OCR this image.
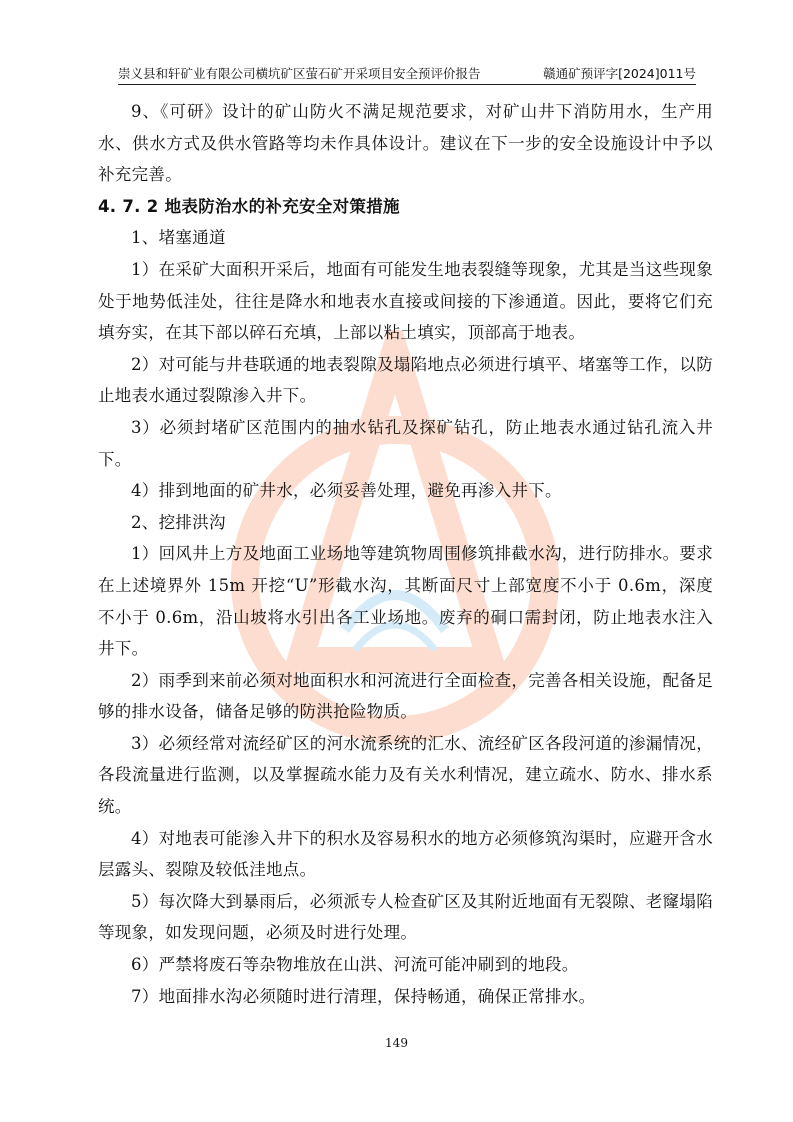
崇义县和轩矿业有限公司横坑矿区萤石矿开采项目安全预评价报告	赣通矿预评字[2024]011号

9、《可研》设计的矿山防火不满足规范要求，对矿山井下消防用水，生产用水、供水方式及供水管路等均未作具体设计。建议在下一步的安全设施设计中予以补充完善。

4. 7. 2 地表防治水的补充安全对策措施

1、堵塞通道

1）在采矿大面积开采后，地面有可能发生地表裂缝等现象，尤其是当这些现象处于地势低洼处，往往是降水和地表水直接或间接的下渗通道。因此，要将它们充填夯实，在其下部以碎石充填，上部以粘土填实，顶部高于地表。

2）对可能与井巷联通的地表裂隙及塌陷地点必须进行填平、堵塞等工作，以防止地表水通过裂隙渗入井下。

3）必须封堵矿区范围内的抽水钻孔及探矿钻孔，防止地表水通过钻孔流入井下。

4）排到地面的矿井水，必须妥善处理，避免再渗入井下。

2、挖排洪沟

1）回风井上方及地面工业场地等建筑物周围修筑排截水沟，进行防排水。要求在上述境界外 15m 开挖“U”形截水沟，其断面尺寸上部宽度不小于 0.6m，深度不小于 0.6m，沿山坡将水引出各工业场地。废弃的硐口需封闭，防止地表水注入井下。

2）雨季到来前必须对地面积水和河流进行全面检查，完善各相关设施，配备足够的排水设备，储备足够的防洪抢险物质。

3）必须经常对流经矿区的河水流系统的汇水、流经矿区各段河道的渗漏情况，各段流量进行监测，以及掌握疏水能力及有关水利情况，建立疏水、防水、排水系统。

4）对地表可能渗入井下的积水及容易积水的地方必须修筑沟渠时，应避开含水层露头、裂隙及较低洼地点。

5）每次降大到暴雨后，必须派专人检查矿区及其附近地面有无裂隙、老窿塌陷等现象，如发现问题，必须及时进行处理。

6）严禁将废石等杂物堆放在山洪、河流可能冲刷到的地段。

7）地面排水沟必须随时进行清理，保持畅通，确保正常排水。

149
